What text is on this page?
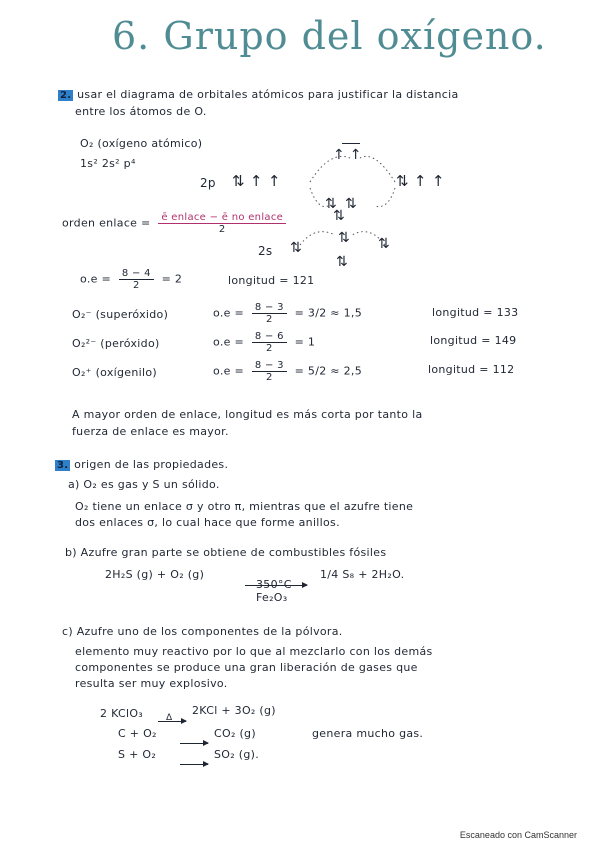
6. Grupo del oxígeno.
2. usar el diagrama de orbitales atómicos para justificar la distancia
entre los átomos de O.
O₂ (oxígeno atómico)
1s² 2s² p⁴
2p ⇅ ↑ ↑	⇅ ↑ ↑
↑ ↑
⇅ ⇅
⇅
2s ⇅	⇅
⇅
⇅
orden enlace = $\frac{\text{ē enlace − ē no enlace}}{2}$
$o.e = \frac{8 - 4}{2} = 2$	longitud = 121
O₂⁻ (superóxido)	$o.e = \frac{8 - 3}{2} = 3/2 \approx 1,5$	longitud = 133
O₂²⁻ (peróxido)	$o.e = \frac{8 - 6}{2} = 1$	longitud = 149
O₂⁺ (oxígenilo)	$o.e = \frac{8 - 3}{2} = 5/2 \approx 2,5$	longitud = 112
A mayor orden de enlace, longitud es más corta por tanto la
fuerza de enlace es mayor.
3. origen de las propiedades.
a) O₂ es gas y S un sólido.
O₂ tiene un enlace σ y otro π, mientras que el azufre tiene
dos enlaces σ, lo cual hace que forme anillos.
b) Azufre gran parte se obtiene de combustibles fósiles
2H₂S (g) + O₂ (g)
350°C
Fe₂O₃
1/4 S₈ + 2H₂O.
c) Azufre uno de los componentes de la pólvora.
elemento muy reactivo por lo que al mezclarlo con los demás
componentes se produce una gran liberación de gases que
resulta ser muy explosivo.
2 KClO₃ →
Δ
2KCl + 3O₂ (g)
C + O₂ → CO₂ (g)	genera mucho gas.
S + O₂ → SO₂ (g).
Escaneado con CamScanner
